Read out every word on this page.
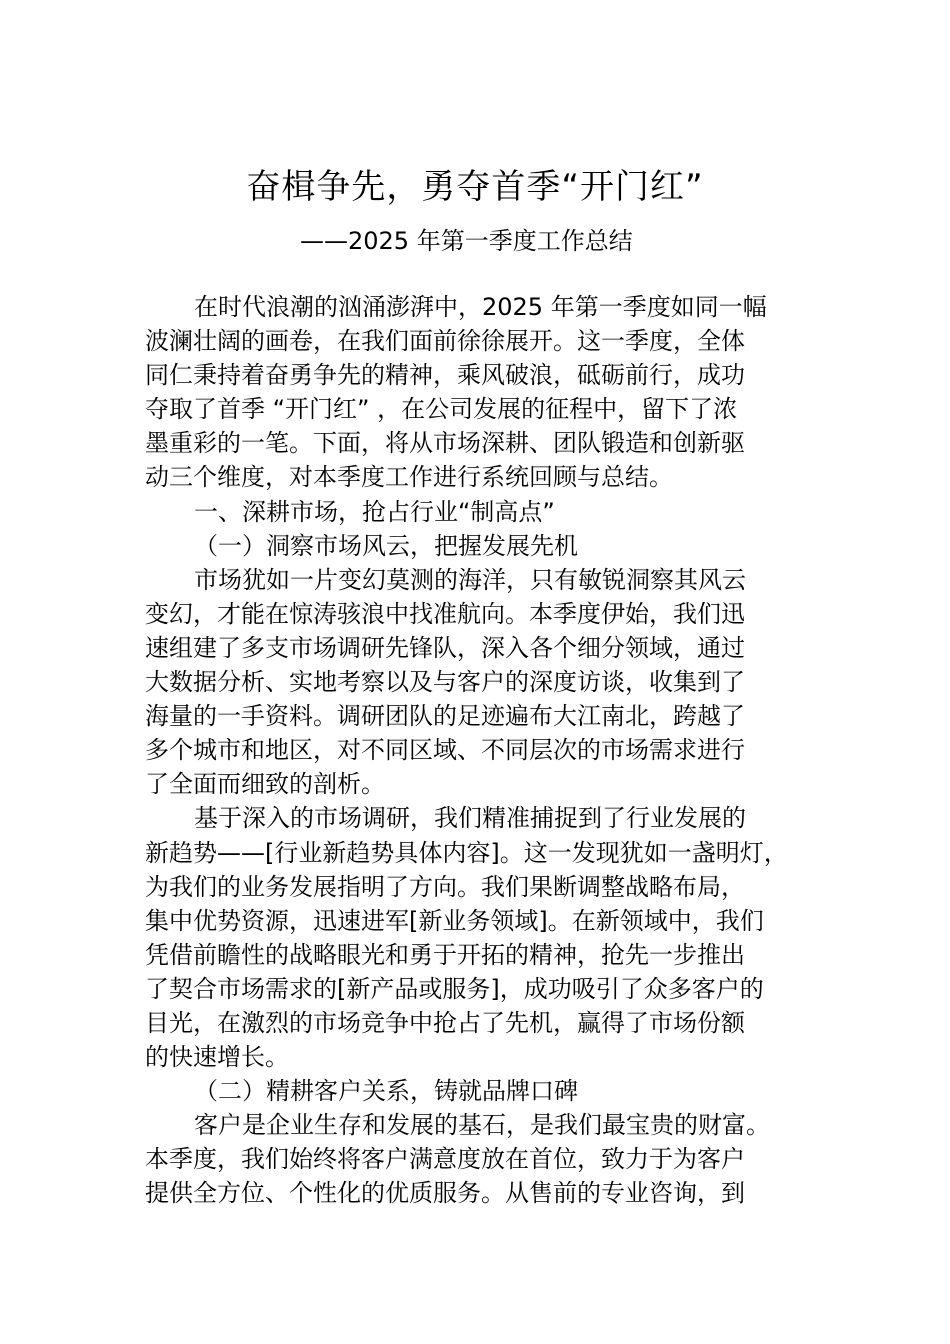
奋楫争先，勇夺首季“开门红”
——2025 年第一季度工作总结
在时代浪潮的汹涌澎湃中，2025 年第一季度如同一幅
波澜壮阔的画卷，在我们面前徐徐展开。这一季度，全体
同仁秉持着奋勇争先的精神，乘风破浪，砥砺前行，成功
夺取了首季 “开门红” ，在公司发展的征程中，留下了浓
墨重彩的一笔。下面，将从市场深耕、团队锻造和创新驱
动三个维度，对本季度工作进行系统回顾与总结。
一、深耕市场，抢占行业“制高点”
（一）洞察市场风云，把握发展先机
市场犹如一片变幻莫测的海洋，只有敏锐洞察其风云
变幻，才能在惊涛骇浪中找准航向。本季度伊始，我们迅
速组建了多支市场调研先锋队，深入各个细分领域，通过
大数据分析、实地考察以及与客户的深度访谈，收集到了
海量的一手资料。调研团队的足迹遍布大江南北，跨越了
多个城市和地区，对不同区域、不同层次的市场需求进行
了全面而细致的剖析。
基于深入的市场调研，我们精准捕捉到了行业发展的
新趋势——[行业新趋势具体内容]。这一发现犹如一盏明灯，
为我们的业务发展指明了方向。我们果断调整战略布局，
集中优势资源，迅速进军[新业务领域]。在新领域中，我们
凭借前瞻性的战略眼光和勇于开拓的精神，抢先一步推出
了契合市场需求的[新产品或服务]，成功吸引了众多客户的
目光，在激烈的市场竞争中抢占了先机，赢得了市场份额
的快速增长。
（二）精耕客户关系，铸就品牌口碑
客户是企业生存和发展的基石，是我们最宝贵的财富。
本季度，我们始终将客户满意度放在首位，致力于为客户
提供全方位、个性化的优质服务。从售前的专业咨询，到
